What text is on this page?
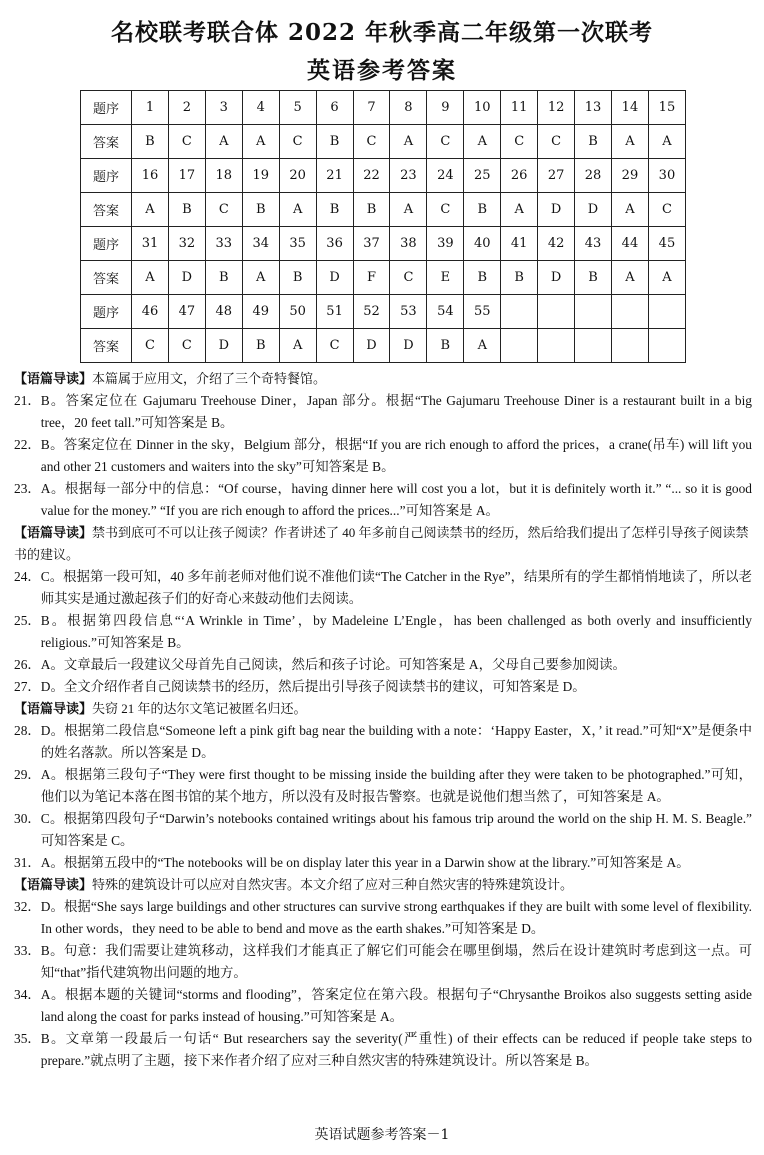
名校联考联合体 2022 年秋季高二年级第一次联考
英语参考答案
题序	1	2	3	4	5	6	7	8	9	10	11	12	13	14	15
答案	B	C	A	A	C	B	C	A	C	A	C	C	B	A	A
题序	16	17	18	19	20	21	22	23	24	25	26	27	28	29	30
答案	A	B	C	B	A	B	B	A	C	B	A	D	D	A	C
题序	31	32	33	34	35	36	37	38	39	40	41	42	43	44	45
答案	A	D	B	A	B	D	F	C	E	B	B	D	B	A	A
题序	46	47	48	49	50	51	52	53	54	55					
答案	C	C	D	B	A	C	D	D	B	A					

【语篇导读】本篇属于应用文，介绍了三个奇特餐馆。

21． B。答案定位在 Gajumaru Treehouse Diner，Japan 部分。根据“The Gajumaru Treehouse Diner is a restaurant built in a big tree，20 feet tall.”可知答案是 B。
22． B。答案定位在 Dinner in the sky，Belgium 部分，根据“If you are rich enough to afford the prices，a crane(吊车) will lift you and other 21 customers and waiters into the sky”可知答案是 B。
23． A。根据每一部分中的信息：“Of course，having dinner here will cost you a lot，but it is definitely worth it.” “... so it is good value for the money.” “If you are rich enough to afford the prices...”可知答案是 A。

【语篇导读】禁书到底可不可以让孩子阅读？作者讲述了 40 年多前自己阅读禁书的经历，然后给我们提出了怎样引导孩子阅读禁书的建议。

24． C。根据第一段可知，40 多年前老师对他们说不准他们读“The Catcher in the Rye”，结果所有的学生都悄悄地读了，所以老师其实是通过激起孩子们的好奇心来鼓动他们去阅读。
25． B。根据第四段信息“‘A Wrinkle in Time’，by Madeleine L’Engle，has been challenged as both overly and insufficiently religious.”可知答案是 B。
26． A。文章最后一段建议父母首先自己阅读，然后和孩子讨论。可知答案是 A，父母自己要参加阅读。
27． D。全文介绍作者自己阅读禁书的经历，然后提出引导孩子阅读禁书的建议，可知答案是 D。

【语篇导读】失窃 21 年的达尔文笔记被匿名归还。

28． D。根据第二段信息“Someone left a pink gift bag near the building with a note：‘Happy Easter，X，’ it read.”可知“X”是便条中的姓名落款。所以答案是 D。
29． A。根据第三段句子“They were first thought to be missing inside the building after they were taken to be photographed.”可知，他们以为笔记本落在图书馆的某个地方，所以没有及时报告警察。也就是说他们想当然了，可知答案是 A。
30． C。根据第四段句子“Darwin’s notebooks contained writings about his famous trip around the world on the ship H. M. S. Beagle.” 可知答案是 C。
31． A。根据第五段中的“The notebooks will be on display later this year in a Darwin show at the library.”可知答案是 A。

【语篇导读】特殊的建筑设计可以应对自然灾害。本文介绍了应对三种自然灾害的特殊建筑设计。

32． D。根据“She says large buildings and other structures can survive strong earthquakes if they are built with some level of flexibility. In other words，they need to be able to bend and move as the earth shakes.”可知答案是 D。
33． B。句意：我们需要让建筑移动，这样我们才能真正了解它们可能会在哪里倒塌，然后在设计建筑时考虑到这一点。可知“that”指代建筑物出问题的地方。
34． A。根据本题的关键词“storms and flooding”，答案定位在第六段。根据句子“Chrysanthe Broikos also suggests setting aside land along the coast for parks instead of housing.”可知答案是 A。
35． B。文章第一段最后一句话“ But researchers say the severity(严重性) of their effects can be reduced if people take steps to prepare.”就点明了主题，接下来作者介绍了应对三种自然灾害的特殊建筑设计。所以答案是 B。
英语试题参考答案－1
